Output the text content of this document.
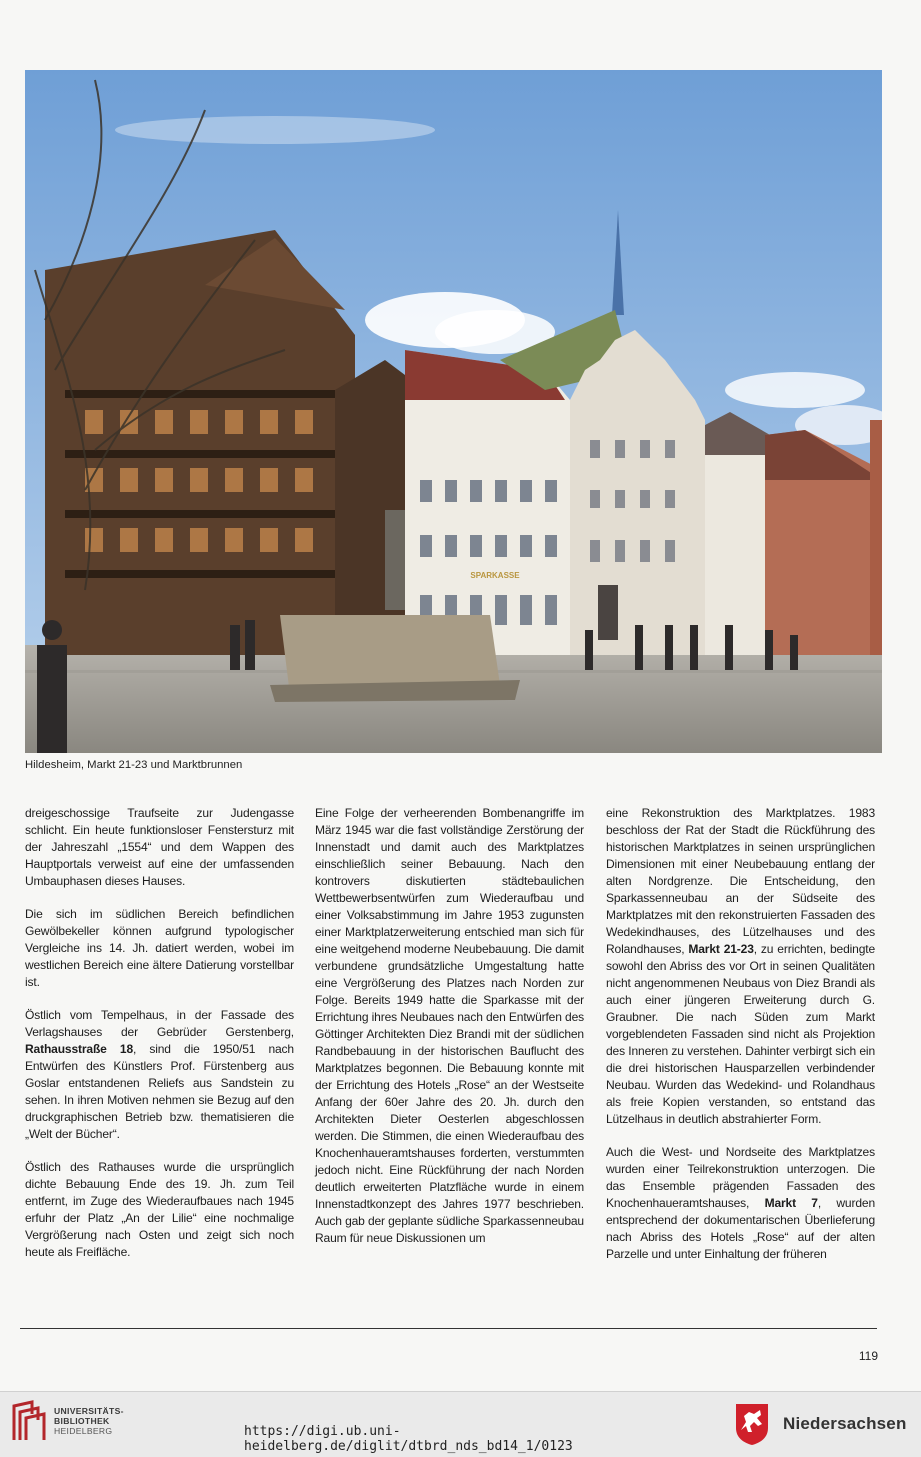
SPARKASSE
Hildesheim, Markt 21-23 und Marktbrunnen

dreigeschossige Traufseite zur Judengasse schlicht. Ein heute funktionsloser Fenstersturz mit der Jahreszahl „1554“ und dem Wappen des Hauptportals verweist auf eine der umfassenden Umbauphasen dieses Hauses.

Die sich im südlichen Bereich befindlichen Gewölbekeller können aufgrund typologischer Vergleiche ins 14. Jh. datiert werden, wobei im westlichen Bereich eine ältere Datierung vorstellbar ist.

Östlich vom Tempelhaus, in der Fassade des Verlagshauses der Gebrüder Gerstenberg, Rathausstraße 18, sind die 1950/51 nach Entwürfen des Künstlers Prof. Fürstenberg aus Goslar entstandenen Reliefs aus Sandstein zu sehen. In ihren Motiven nehmen sie Bezug auf den druckgraphischen Betrieb bzw. thematisieren die „Welt der Bücher“.

Östlich des Rathauses wurde die ursprünglich dichte Bebauung Ende des 19. Jh. zum Teil entfernt, im Zuge des Wiederaufbaues nach 1945 erfuhr der Platz „An der Lilie“ eine nochmalige Vergrößerung nach Osten und zeigt sich noch heute als Freifläche.

Eine Folge der verheerenden Bombenangriffe im März 1945 war die fast vollständige Zerstörung der Innenstadt und damit auch des Marktplatzes einschließlich seiner Bebauung. Nach den kontrovers diskutierten städtebaulichen Wettbewerbsentwürfen zum Wiederaufbau und einer Volksabstimmung im Jahre 1953 zugunsten einer Marktplatzerweiterung entschied man sich für eine weitgehend moderne Neubebauung. Die damit verbundene grundsätzliche Umgestaltung hatte eine Vergrößerung des Platzes nach Norden zur Folge. Bereits 1949 hatte die Sparkasse mit der Errichtung ihres Neubaues nach den Entwürfen des Göttinger Architekten Diez Brandi mit der südlichen Randbebauung in der historischen Bauflucht des Marktplatzes begonnen. Die Bebauung konnte mit der Errichtung des Hotels „Rose“ an der Westseite Anfang der 60er Jahre des 20. Jh. durch den Architekten Dieter Oesterlen abgeschlossen werden. Die Stimmen, die einen Wiederaufbau des Knochenhaueramtshauses forderten, verstummten jedoch nicht. Eine Rückführung der nach Norden deutlich erweiterten Platzfläche wurde in einem Innenstadtkonzept des Jahres 1977 beschrieben. Auch gab der geplante südliche Sparkassenneubau Raum für neue Diskussionen um

eine Rekonstruktion des Marktplatzes. 1983 beschloss der Rat der Stadt die Rückführung des historischen Marktplatzes in seinen ursprünglichen Dimensionen mit einer Neubebauung entlang der alten Nordgrenze. Die Entscheidung, den Sparkassenneubau an der Südseite des Marktplatzes mit den rekonstruierten Fassaden des Wedekindhauses, des Lützelhauses und des Rolandhauses, Markt 21-23, zu errichten, bedingte sowohl den Abriss des vor Ort in seinen Qualitäten nicht angenommenen Neubaus von Diez Brandi als auch einer jüngeren Erweiterung durch G. Graubner. Die nach Süden zum Markt vorgeblendeten Fassaden sind nicht als Projektion des Inneren zu verstehen. Dahinter verbirgt sich ein die drei historischen Hausparzellen verbindender Neubau. Wurden das Wedekind- und Rolandhaus als freie Kopien verstanden, so entstand das Lützelhaus in deutlich abstrahierter Form.

Auch die West- und Nordseite des Marktplatzes wurden einer Teilrekonstruktion unterzogen. Die das Ensemble prägenden Fassaden des Knochenhaueramtshauses, Markt 7, wurden entsprechend der dokumentarischen Überlieferung nach Abriss des Hotels „Rose“ auf der alten Parzelle und unter Einhaltung der früheren

119
UNIVERSITÄTS-
BIBLIOTHEK
HEIDELBERG	https://digi.ub.uni-heidelberg.de/diglit/dtbrd_nds_bd14_1/0123
Niedersachsen
